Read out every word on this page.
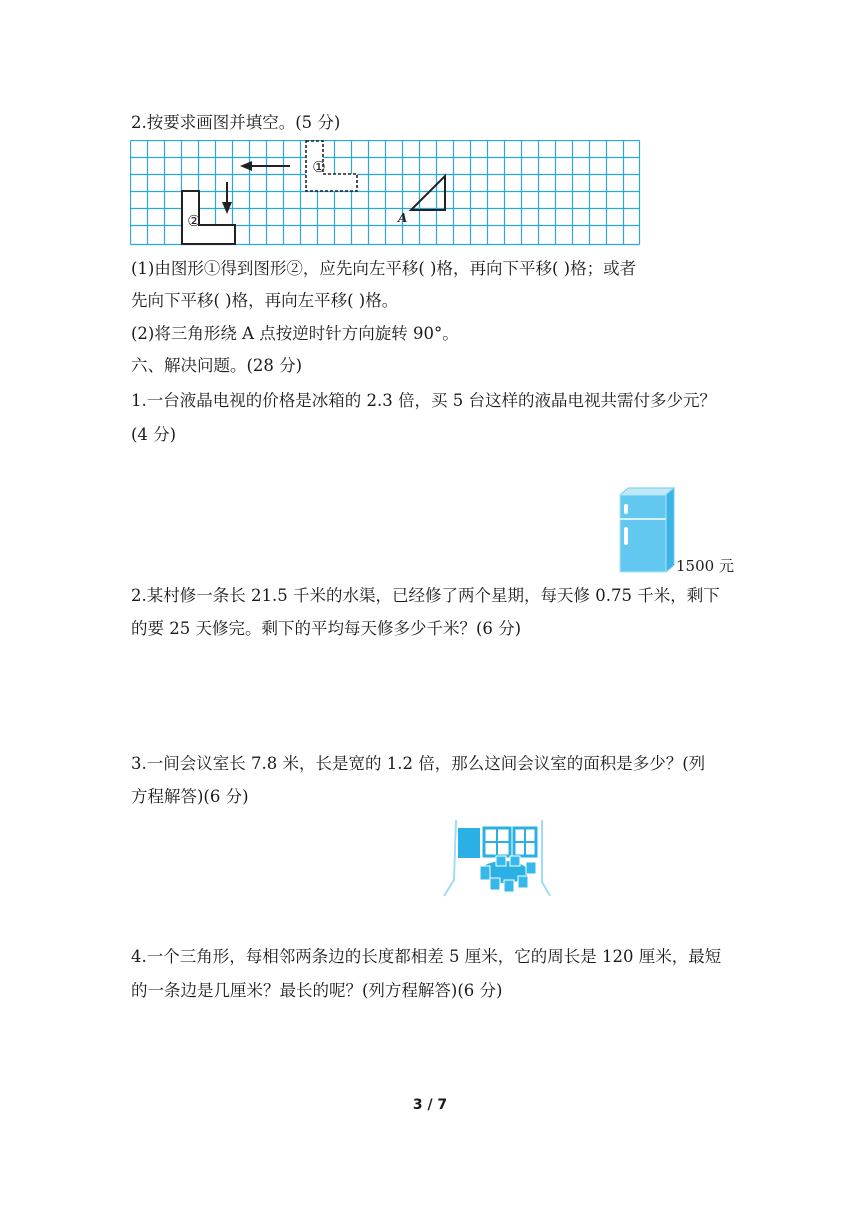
2.按要求画图并填空。(5 分)
①
②	A
(1)由图形①得到图形②，应先向左平移( )格，再向下平移( )格；或者
先向下平移( )格，再向左平移( )格。
(2)将三角形绕 A 点按逆时针方向旋转 90°。
六、解决问题。(28 分)
1.一台液晶电视的价格是冰箱的 2.3 倍，买 5 台这样的液晶电视共需付多少元？
(4 分)
1500 元
2.某村修一条长 21.5 千米的水渠，已经修了两个星期，每天修 0.75 千米，剩下
的要 25 天修完。剩下的平均每天修多少千米？(6 分)
3.一间会议室长 7.8 米，长是宽的 1.2 倍，那么这间会议室的面积是多少？(列
方程解答)(6 分)
4.一个三角形，每相邻两条边的长度都相差 5 厘米，它的周长是 120 厘米，最短
的一条边是几厘米？最长的呢？(列方程解答)(6 分)
3 / 7
